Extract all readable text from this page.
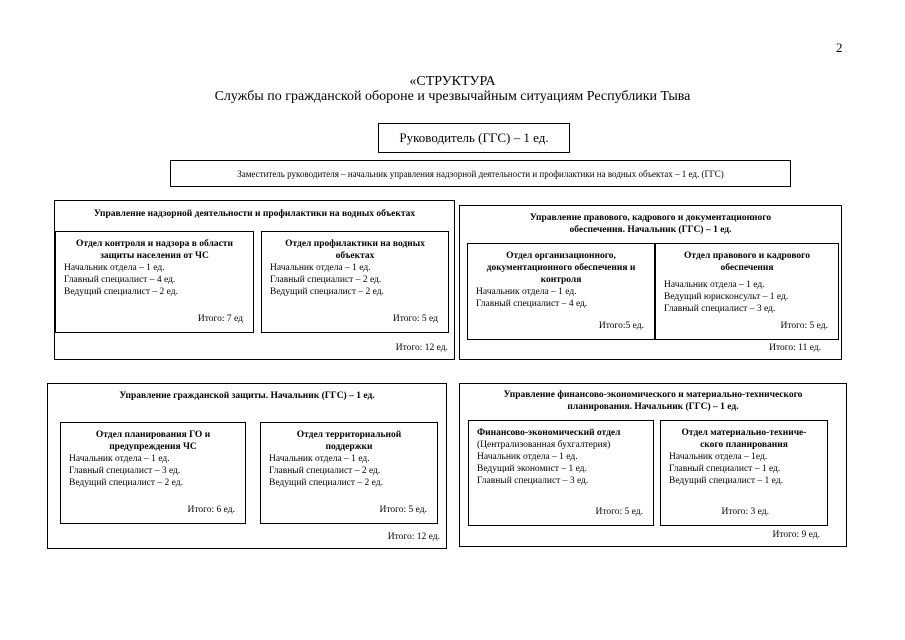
2
«СТРУКТУРА
Службы по гражданской обороне и чрезвычайным ситуациям Республики Тыва
Руководитель (ГГС) – 1 ед.
Заместитель руководителя – начальник управления надзорной деятельности и профилактики на водных объектах – 1 ед. (ГГС)
Управление надзорной деятельности и профилактики на водных объектах
Отдел контроля и надзора в области защиты населения от ЧС
Начальник отдела – 1 ед.
Главный специалист – 4 ед.
Ведущий специалист – 2 ед.
Итого: 7 ед
Отдел профилактики на водных объектах
Начальник отдела – 1 ед.
Главный специалист – 2 ед.
Ведущий специалист – 2 ед.
Итого: 5 ед
Итого: 12 ед.
Управление правового, кадрового и документационного обеспечения. Начальник (ГГС) – 1 ед.
Отдел организационного, документационного обеспечения и контроля
Начальник отдела – 1 ед.
Главный специалист – 4 ед.
Итого:5 ед.
Отдел правового и кадрового обеспечения
Начальник отдела – 1 ед.
Ведущий юрисконсульт – 1 ед.
Главный специалист – 3 ед.
Итого: 5 ед.
Итого: 11 ед.
Управление гражданской защиты. Начальник (ГГС) – 1 ед.
Отдел планирования ГО и предупреждения ЧС
Начальник отдела – 1 ед.
Главный специалист – 3 ед.
Ведущий специалист – 2 ед.
Итого: 6 ед.
Отдел территориальной поддержки
Начальник отдела – 1 ед.
Главный специалист – 2 ед.
Ведущий специалист – 2 ед.
Итого: 5 ед.
Итого: 12 ед.
Управление финансово-экономического и материально-технического планирования. Начальник (ГГС) – 1 ед.
Финансово-экономический отдел
(Централизованная бухгалтерия)
Начальник отдела – 1 ед.
Ведущий экономист – 1 ед.
Главный специалист – 3 ед.
Итого: 5 ед.
Отдел материально-техниче-ского планирования
Начальник отдела – 1ед.
Главный специалист – 1 ед.
Ведущий специалист – 1 ед.
Итого: 3 ед.
Итого: 9 ед.
